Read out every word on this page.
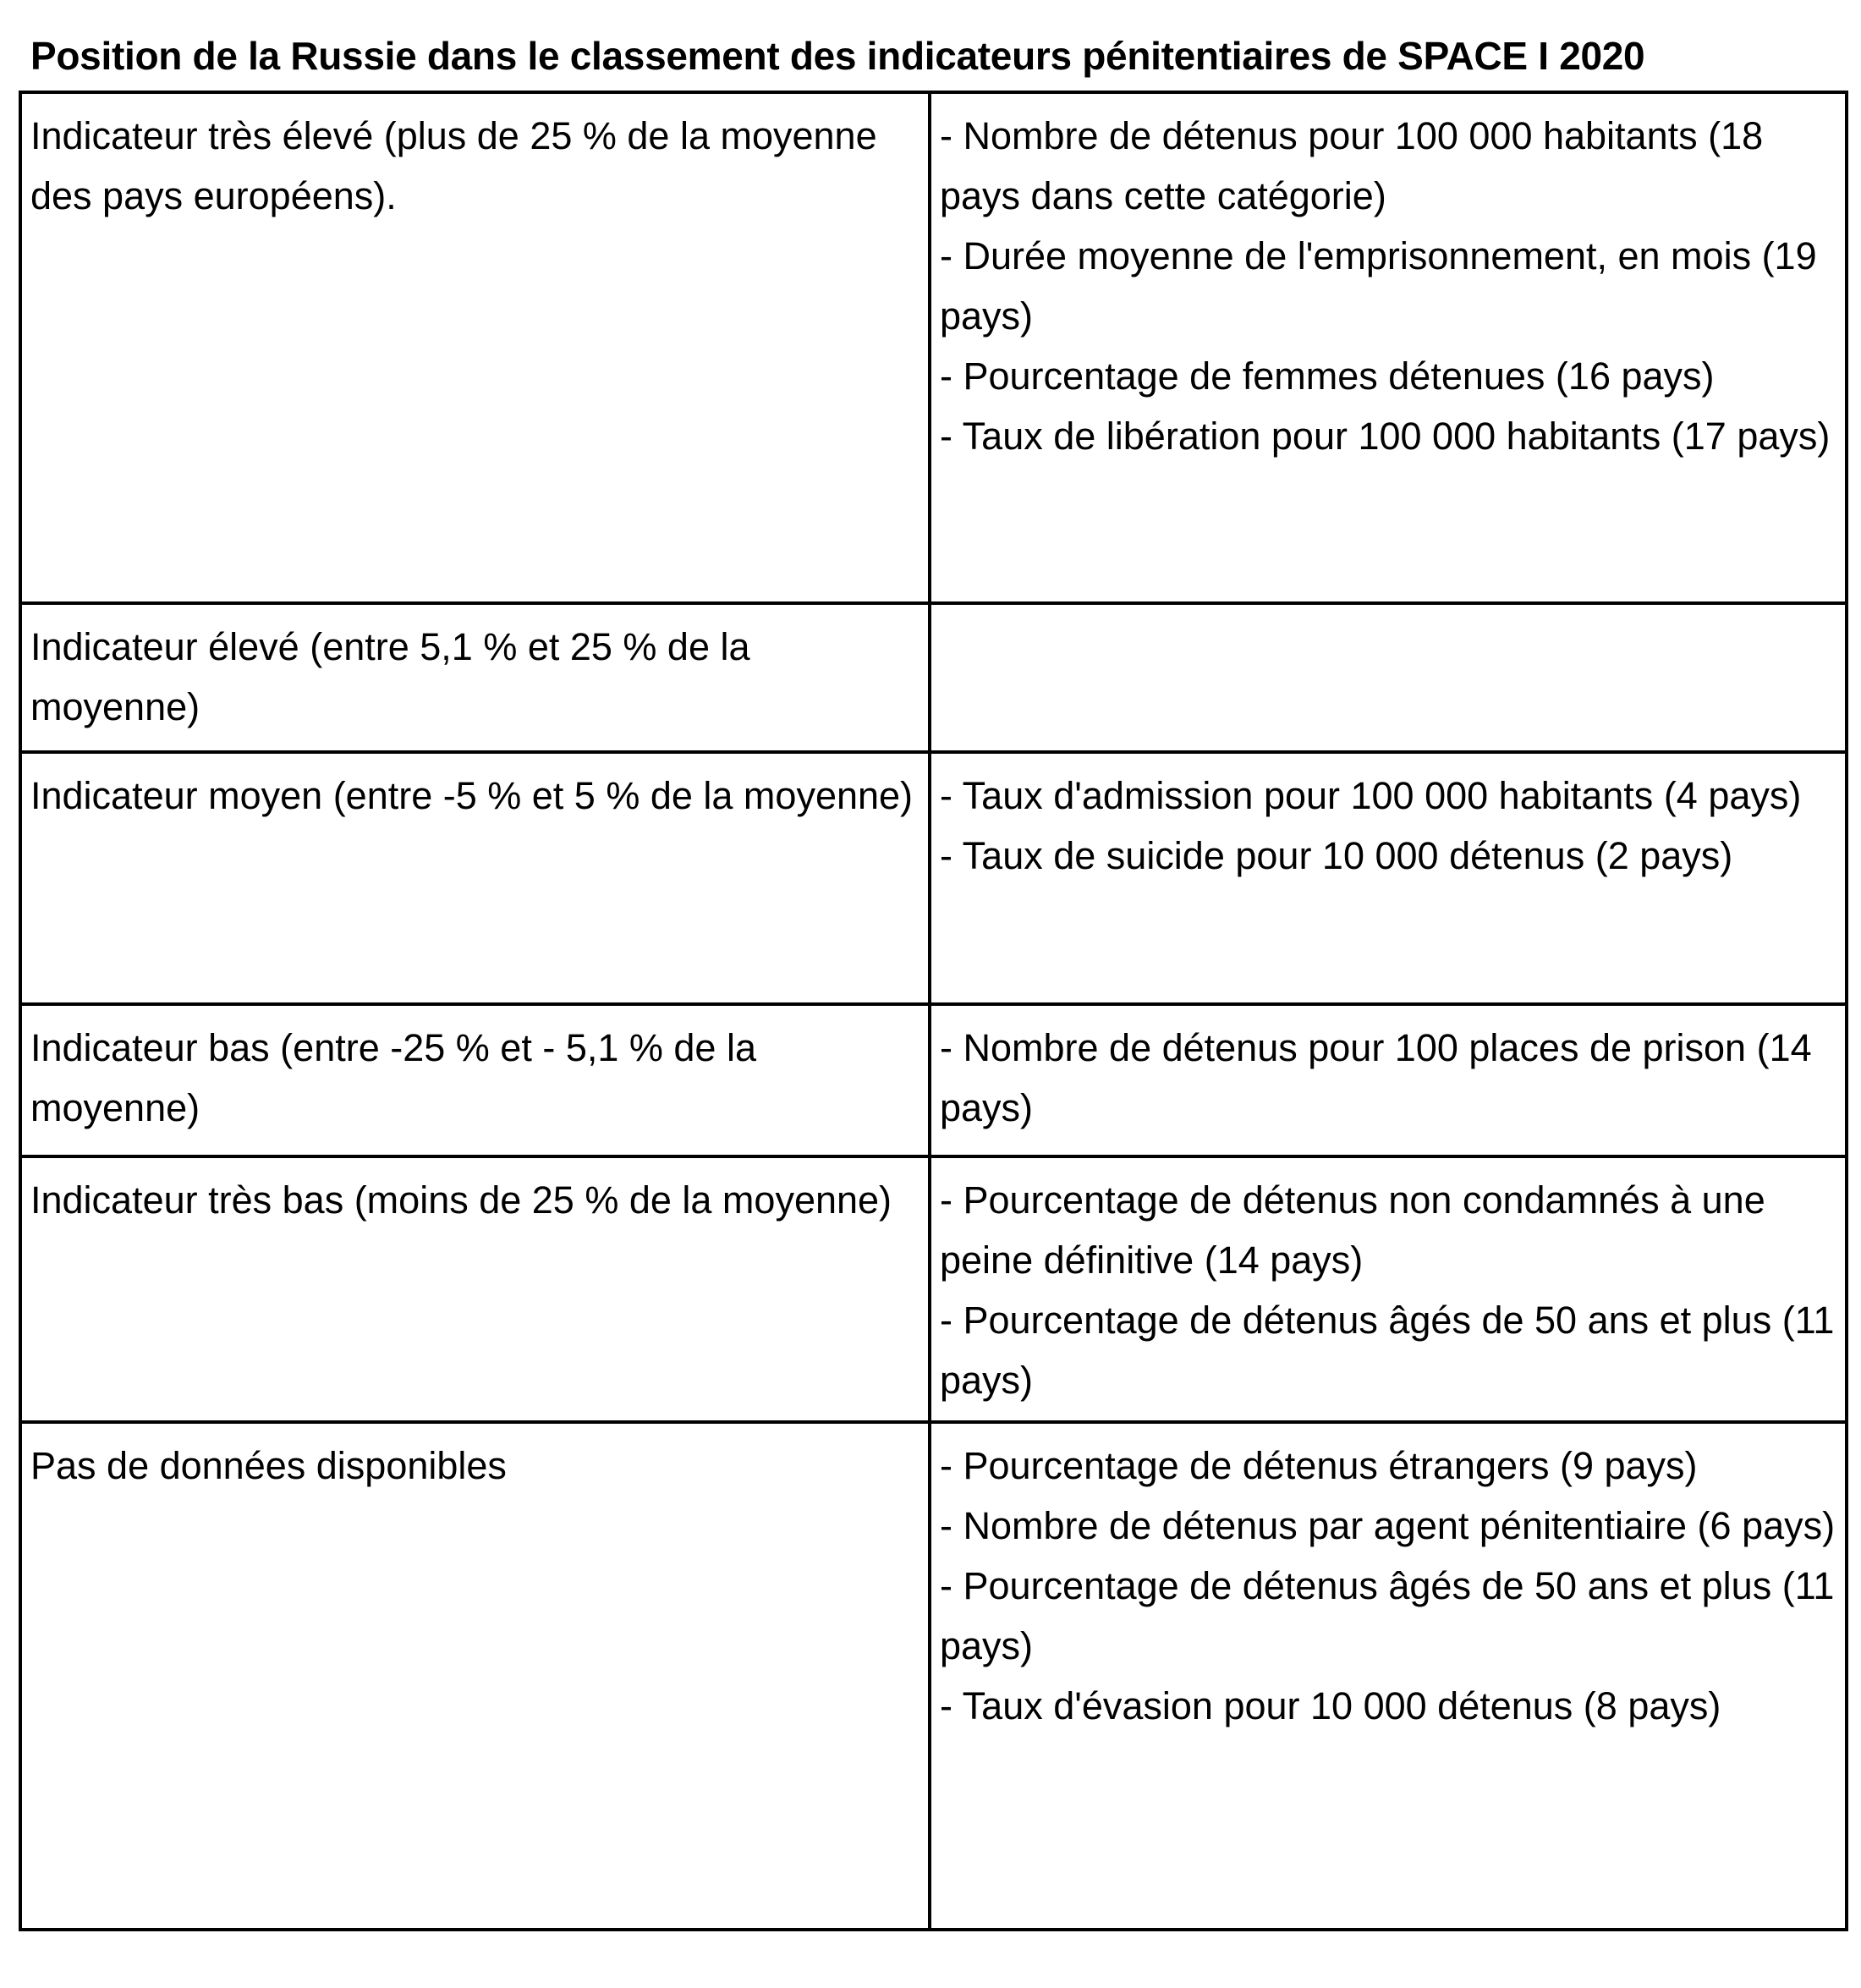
Position de la Russie dans le classement des indicateurs pénitentiaires de SPACE I 2020
Indicateur très élevé (plus de 25 % de la moyenne des pays européens).	- Nombre de détenus pour 100 000 habitants (18 pays dans cette catégorie)
- Durée moyenne de l'emprisonnement, en mois (19 pays)
- Pourcentage de femmes détenues (16 pays)
- Taux de libération pour 100 000 habitants (17 pays)

Indicateur élevé (entre 5,1 % et 25 % de la moyenne)	
Indicateur moyen (entre -5 % et 5 % de la moyenne)	- Taux d'admission pour 100 000 habitants (4 pays)
- Taux de suicide pour 10 000 détenus (2 pays)

Indicateur bas (entre -25 % et - 5,1 % de la moyenne)	- Nombre de détenus pour 100 places de prison (14 pays)

Indicateur très bas (moins de 25 % de la moyenne)	- Pourcentage de détenus non condamnés à une peine définitive (14 pays)
- Pourcentage de détenus âgés de 50 ans et plus (11 pays)

Pas de données disponibles	- Pourcentage de détenus étrangers (9 pays)
- Nombre de détenus par agent pénitentiaire (6 pays)
- Pourcentage de détenus âgés de 50 ans et plus (11 pays)
- Taux d'évasion pour 10 000 détenus (8 pays)
